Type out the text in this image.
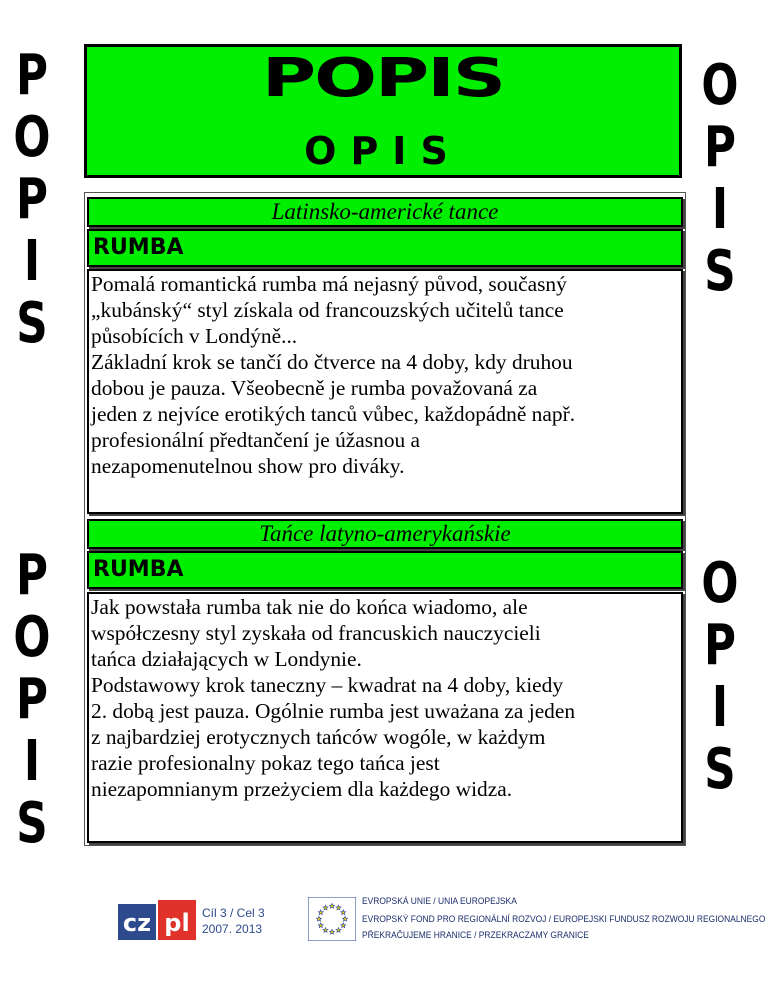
P
O
P
I
S
O
P
I
S
P
O
P
I
S
O
P
I
S
POPIS
OPIS
Latinsko-americké tance
RUMBA

Pomalá romantická rumba má nejasný původ, současný

„kubánský“ styl získala od francouzských učitelů tance

působících v Londýně...

Základní krok se tančí do čtverce na 4 doby, kdy druhou

dobou je pauza. Všeobecně je rumba považovaná za

jeden z nejvíce erotikých tanců vůbec, každopádně např.

profesionální předtančení je úžasnou a

nezapomenutelnou show pro diváky.

Tańce latyno-amerykańskie
RUMBA

Jak powstała rumba tak nie do końca wiadomo, ale

współczesny styl zyskała od francuskich nauczycieli

tańca działających w Londynie.

Podstawowy krok taneczny – kwadrat na 4 doby, kiedy

2. dobą jest pauza. Ogólnie rumba jest uważana za jeden

z najbardziej erotycznych tańców wogóle, w każdym

razie profesionalny pokaz tego tańca jest

niezapomnianym przeżyciem dla każdego widza.

cz pl Cíl 3 / Cel 3
2007. 2013
EVROPSKÁ UNIE / UNIA EUROPEJSKA
EVROPSKÝ FOND PRO REGIONÁLNÍ ROZVOJ / EUROPEJSKI FUNDUSZ ROZWOJU REGIONALNEGO
PŘEKRAČUJEME HRANICE / PRZEKRACZAMY GRANICE
